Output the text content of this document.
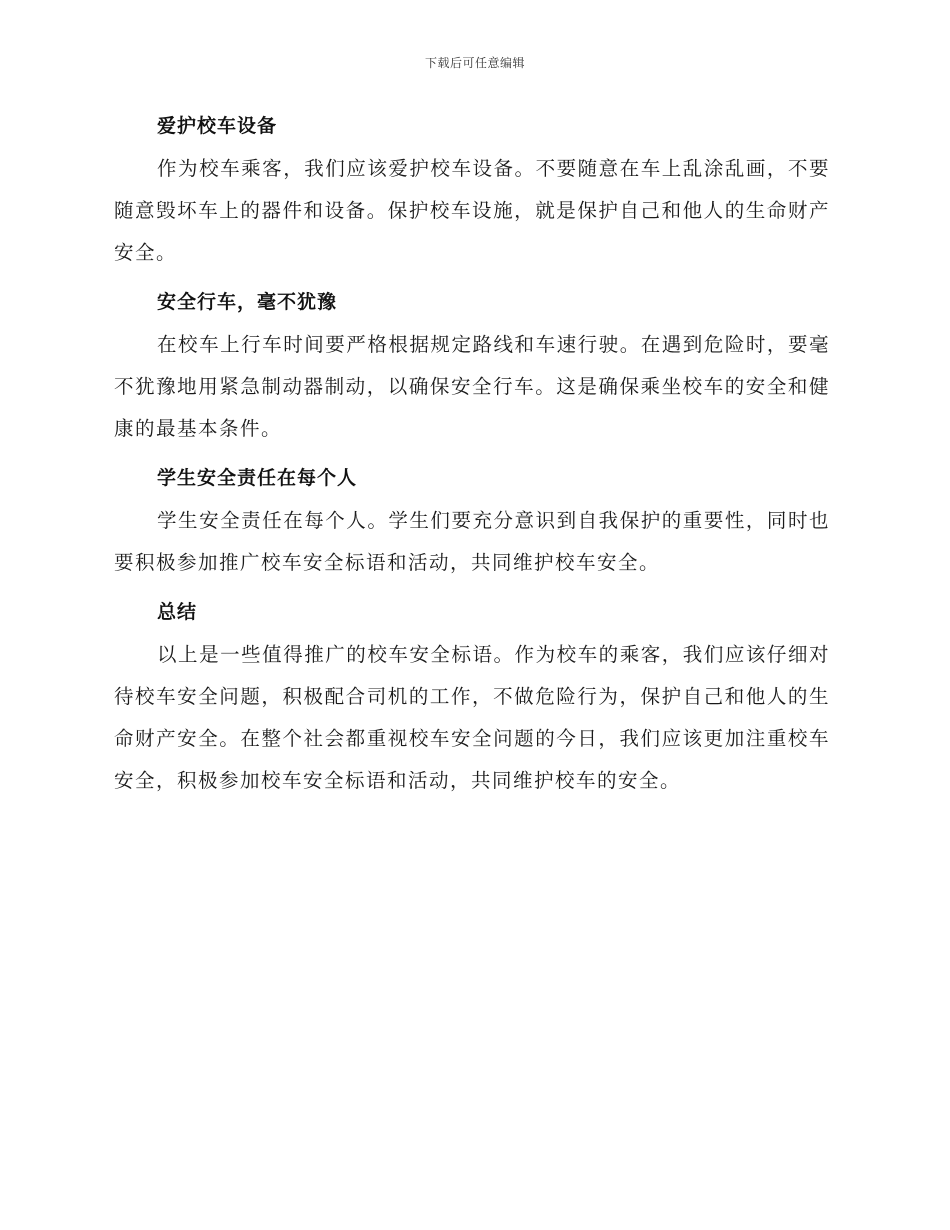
下载后可任意编辑
爱护校车设备

作为校车乘客，我们应该爱护校车设备。不要随意在车上乱涂乱画，不要随意毁坏车上的器件和设备。保护校车设施，就是保护自己和他人的生命财产安全。

安全行车，毫不犹豫

在校车上行车时间要严格根据规定路线和车速行驶。在遇到危险时，要毫不犹豫地用紧急制动器制动，以确保安全行车。这是确保乘坐校车的安全和健康的最基本条件。

学生安全责任在每个人

学生安全责任在每个人。学生们要充分意识到自我保护的重要性，同时也要积极参加推广校车安全标语和活动，共同维护校车安全。

总结

以上是一些值得推广的校车安全标语。作为校车的乘客，我们应该仔细对待校车安全问题，积极配合司机的工作，不做危险行为，保护自己和他人的生命财产安全。在整个社会都重视校车安全问题的今日，我们应该更加注重校车安全，积极参加校车安全标语和活动，共同维护校车的安全。
